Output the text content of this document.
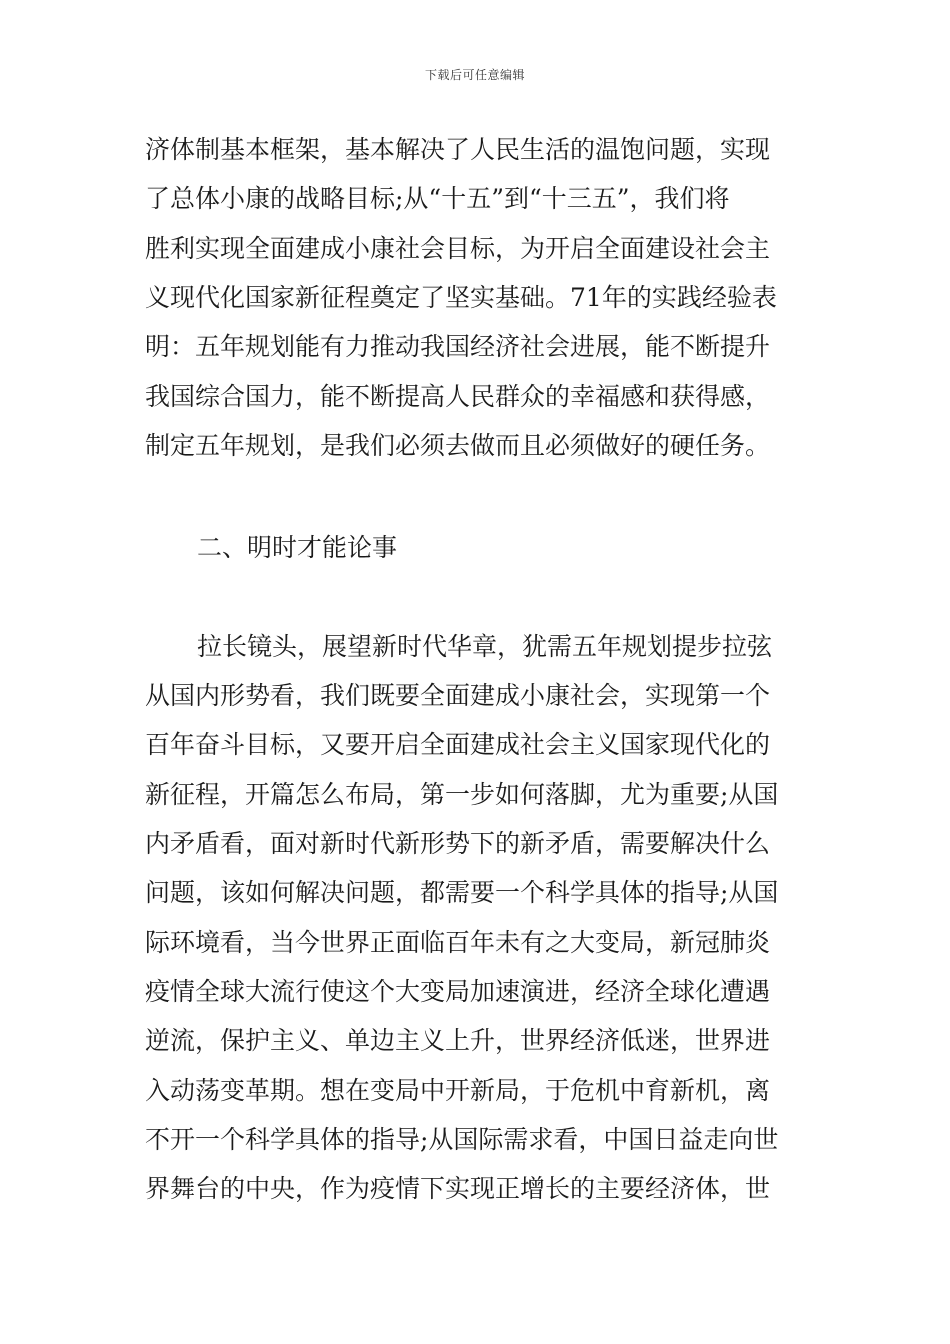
下载后可任意编辑
济体制基本框架，基本解决了人民生活的温饱问题，实现
了总体小康的战略目标;从“十五”到“十三五”，我们将
胜利实现全面建成小康社会目标，为开启全面建设社会主
义现代化国家新征程奠定了坚实基础。71年的实践经验表
明：五年规划能有力推动我国经济社会进展，能不断提升
我国综合国力，能不断提高人民群众的幸福感和获得感，
制定五年规划，是我们必须去做而且必须做好的硬任务。
二、明时才能论事
拉长镜头，展望新时代华章，犹需五年规划提步拉弦
从国内形势看，我们既要全面建成小康社会，实现第一个
百年奋斗目标，又要开启全面建成社会主义国家现代化的
新征程，开篇怎么布局，第一步如何落脚，尤为重要;从国
内矛盾看，面对新时代新形势下的新矛盾，需要解决什么
问题，该如何解决问题，都需要一个科学具体的指导;从国
际环境看，当今世界正面临百年未有之大变局，新冠肺炎
疫情全球大流行使这个大变局加速演进，经济全球化遭遇
逆流，保护主义、单边主义上升，世界经济低迷，世界进
入动荡变革期。想在变局中开新局，于危机中育新机，离
不开一个科学具体的指导;从国际需求看，中国日益走向世
界舞台的中央，作为疫情下实现正增长的主要经济体，世
